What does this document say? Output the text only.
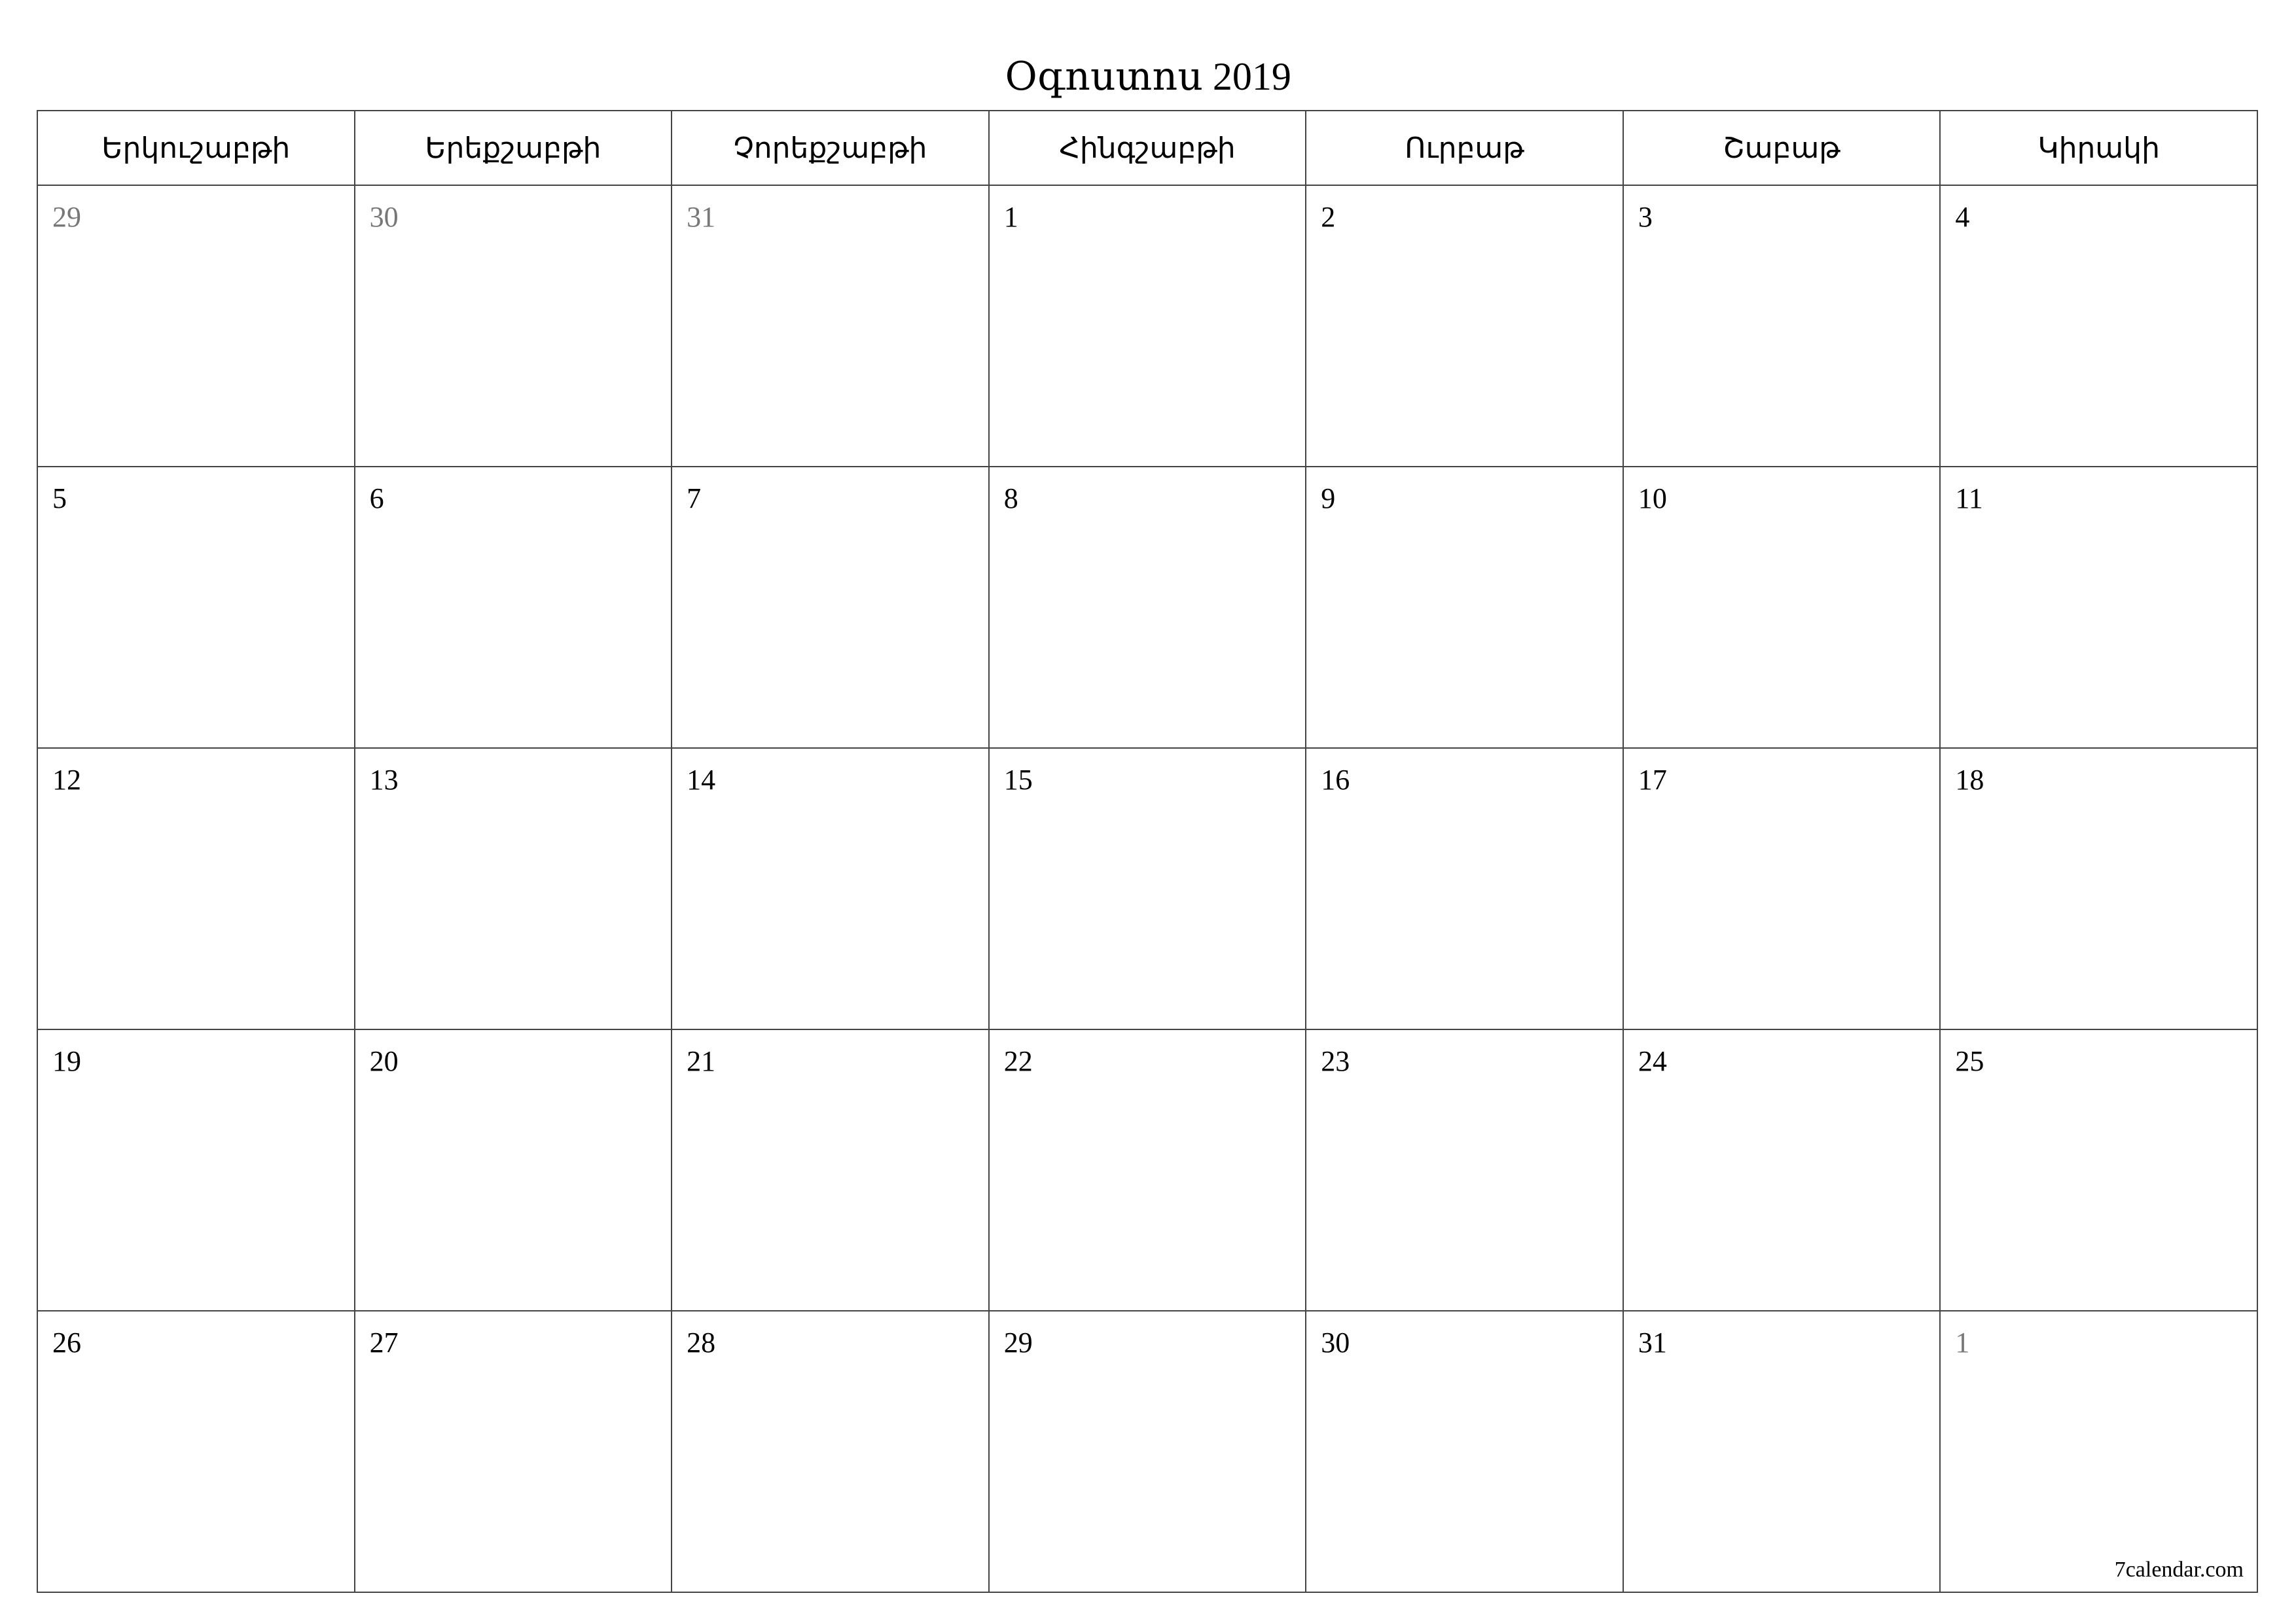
Օգոստոս 2019
Երկուշաբթի	Երեքշաբթի	Չորեքշաբթի	Հինգշաբթի	Ուրբաթ	Շաբաթ	Կիրակի

29	30	31	1	2	3	4

5	6	7	8	9	10	11

12	13	14	15	16	17	18

19	20	21	22	23	24	25

26	27	28	29	30	31	1
7calendar.com
